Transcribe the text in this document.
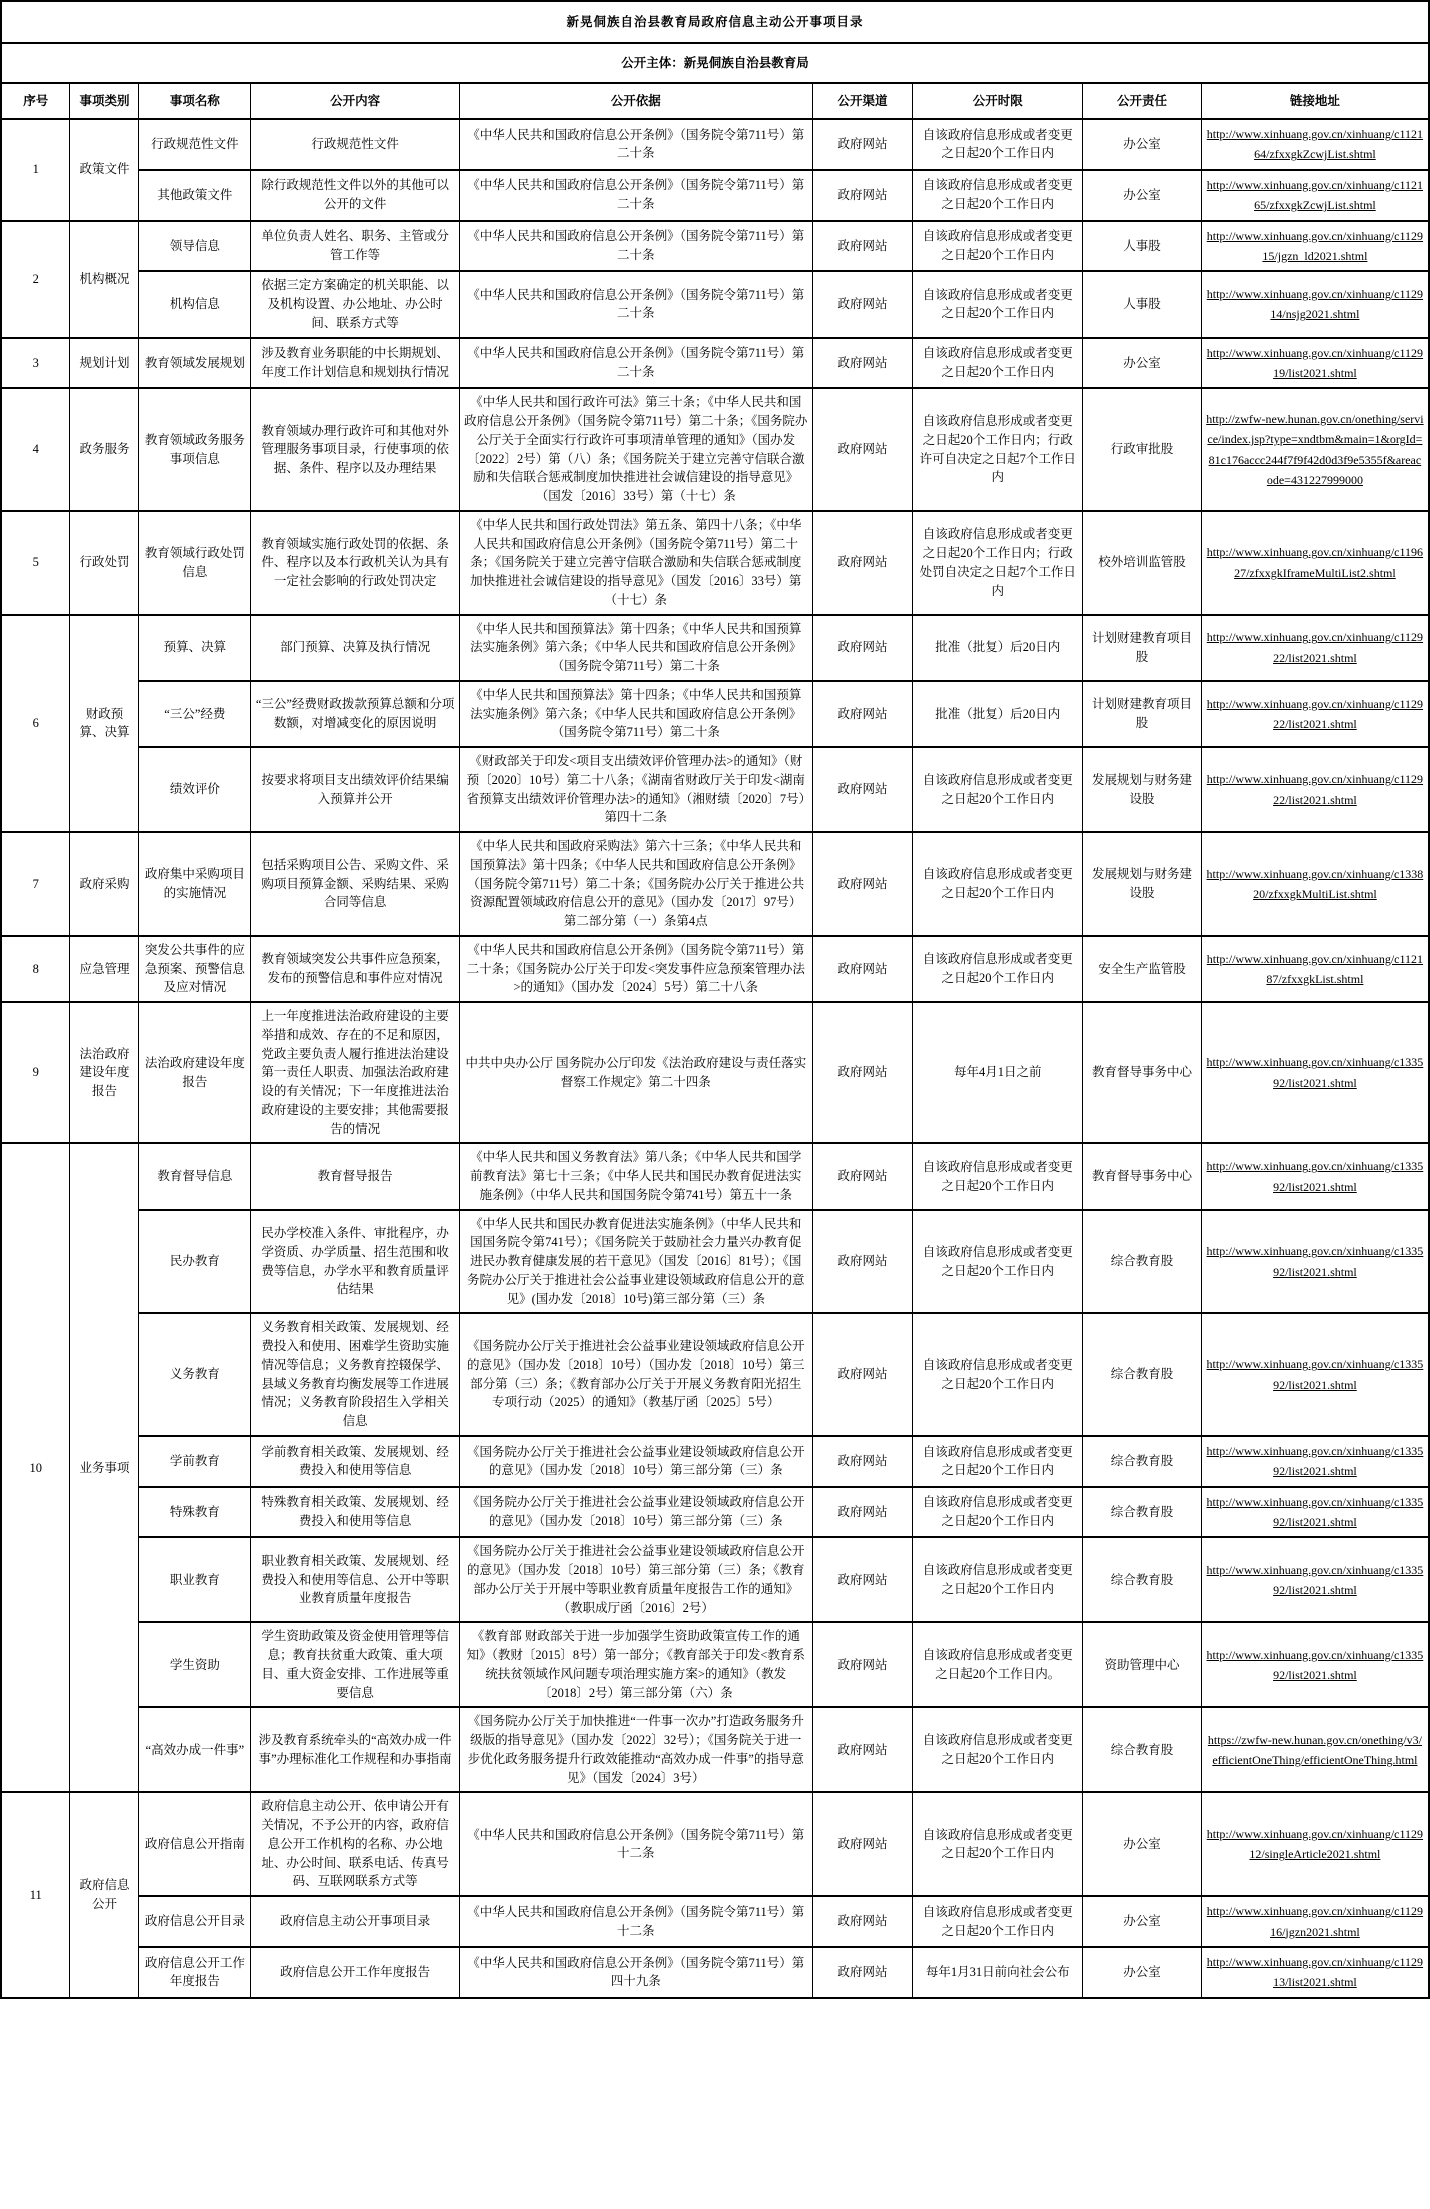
新晃侗族自治县教育局政府信息主动公开事项目录								
公开主体：新晃侗族自治县教育局								
序号	事项类别	事项名称	公开内容	公开依据	公开渠道	公开时限	公开责任	链接地址
1	政策文件	行政规范性文件	行政规范性文件	《中华人民共和国政府信息公开条例》（国务院令第711号）第二十条	政府网站	自该政府信息形成或者变更之日起20个工作日内	办公室	http://www.xinhuang.gov.cn/xinhuang/c112164/zfxxgkZcwjList.shtml
		其他政策文件	除行政规范性文件以外的其他可以公开的文件	《中华人民共和国政府信息公开条例》（国务院令第711号）第二十条	政府网站	自该政府信息形成或者变更之日起20个工作日内	办公室	http://www.xinhuang.gov.cn/xinhuang/c112165/zfxxgkZcwjList.shtml
2	机构概况	领导信息	单位负责人姓名、职务、主管或分管工作等	《中华人民共和国政府信息公开条例》（国务院令第711号）第二十条	政府网站	自该政府信息形成或者变更之日起20个工作日内	人事股	http://www.xinhuang.gov.cn/xinhuang/c112915/jgzn_ld2021.shtml
		机构信息	依据三定方案确定的机关职能、以及机构设置、办公地址、办公时间、联系方式等	《中华人民共和国政府信息公开条例》（国务院令第711号）第二十条	政府网站	自该政府信息形成或者变更之日起20个工作日内	人事股	http://www.xinhuang.gov.cn/xinhuang/c112914/nsjg2021.shtml
3	规划计划	教育领域发展规划	涉及教育业务职能的中长期规划、年度工作计划信息和规划执行情况	《中华人民共和国政府信息公开条例》（国务院令第711号）第二十条	政府网站	自该政府信息形成或者变更之日起20个工作日内	办公室	http://www.xinhuang.gov.cn/xinhuang/c112919/list2021.shtml
4	政务服务	教育领域政务服务事项信息	教育领域办理行政许可和其他对外管理服务事项目录，行使事项的依据、条件、程序以及办理结果	《中华人民共和国行政许可法》第三十条；《中华人民共和国政府信息公开条例》（国务院令第711号）第二十条；《国务院办公厅关于全面实行行政许可事项清单管理的通知》（国办发〔2022〕2号）第（八）条；《国务院关于建立完善守信联合激励和失信联合惩戒制度加快推进社会诚信建设的指导意见》（国发〔2016〕33号）第（十七）条	政府网站	自该政府信息形成或者变更之日起20个工作日内；行政许可自决定之日起7个工作日内	行政审批股	http://zwfw-new.hunan.gov.cn/onething/service/index.jsp?type=xndtbm&main=1&orgId=81c176accc244f7f9f42d0d3f9e5355f&areacode=431227999000
5	行政处罚	教育领域行政处罚信息	教育领域实施行政处罚的依据、条件、程序以及本行政机关认为具有一定社会影响的行政处罚决定	《中华人民共和国行政处罚法》第五条、第四十八条；《中华人民共和国政府信息公开条例》（国务院令第711号）第二十条；《国务院关于建立完善守信联合激励和失信联合惩戒制度加快推进社会诚信建设的指导意见》（国发〔2016〕33号）第（十七）条	政府网站	自该政府信息形成或者变更之日起20个工作日内；行政处罚自决定之日起7个工作日内	校外培训监管股	http://www.xinhuang.gov.cn/xinhuang/c119627/zfxxgkIframeMultiList2.shtml
6	财政预算、决算	预算、决算	部门预算、决算及执行情况	《中华人民共和国预算法》第十四条；《中华人民共和国预算法实施条例》第六条；《中华人民共和国政府信息公开条例》（国务院令第711号）第二十条	政府网站	批准（批复）后20日内	计划财建教育项目股	http://www.xinhuang.gov.cn/xinhuang/c112922/list2021.shtml
		“三公”经费	“三公”经费财政拨款预算总额和分项数额，对增减变化的原因说明	《中华人民共和国预算法》第十四条；《中华人民共和国预算法实施条例》第六条；《中华人民共和国政府信息公开条例》（国务院令第711号）第二十条	政府网站	批准（批复）后20日内	计划财建教育项目股	http://www.xinhuang.gov.cn/xinhuang/c112922/list2021.shtml
		绩效评价	按要求将项目支出绩效评价结果编入预算并公开	《财政部关于印发<项目支出绩效评价管理办法>的通知》（财预〔2020〕10号）第二十八条；《湖南省财政厅关于印发<湖南省预算支出绩效评价管理办法>的通知》（湘财绩〔2020〕7号）第四十二条	政府网站	自该政府信息形成或者变更之日起20个工作日内	发展规划与财务建设股	http://www.xinhuang.gov.cn/xinhuang/c112922/list2021.shtml
7	政府采购	政府集中采购项目的实施情况	包括采购项目公告、采购文件、采购项目预算金额、采购结果、采购合同等信息	《中华人民共和国政府采购法》第六十三条；《中华人民共和国预算法》第十四条；《中华人民共和国政府信息公开条例》（国务院令第711号）第二十条；《国务院办公厅关于推进公共资源配置领域政府信息公开的意见》（国办发〔2017〕97号）第二部分第（一）条第4点	政府网站	自该政府信息形成或者变更之日起20个工作日内	发展规划与财务建设股	http://www.xinhuang.gov.cn/xinhuang/c133820/zfxxgkMultiList.shtml
8	应急管理	突发公共事件的应急预案、预警信息及应对情况	教育领域突发公共事件应急预案，发布的预警信息和事件应对情况	《中华人民共和国政府信息公开条例》（国务院令第711号）第二十条；《国务院办公厅关于印发<突发事件应急预案管理办法>的通知》（国办发〔2024〕5号）第二十八条	政府网站	自该政府信息形成或者变更之日起20个工作日内	安全生产监管股	http://www.xinhuang.gov.cn/xinhuang/c112187/zfxxgkList.shtml
9	法治政府建设年度报告	法治政府建设年度报告	上一年度推进法治政府建设的主要举措和成效、存在的不足和原因，党政主要负责人履行推进法治建设第一责任人职责、加强法治政府建设的有关情况；下一年度推进法治政府建设的主要安排；其他需要报告的情况	中共中央办公厅 国务院办公厅印发《法治政府建设与责任落实督察工作规定》第二十四条	政府网站	每年4月1日之前	教育督导事务中心	http://www.xinhuang.gov.cn/xinhuang/c133592/list2021.shtml
10	业务事项	教育督导信息	教育督导报告	《中华人民共和国义务教育法》第八条；《中华人民共和国学前教育法》第七十三条；《中华人民共和国民办教育促进法实施条例》（中华人民共和国国务院令第741号）第五十一条	政府网站	自该政府信息形成或者变更之日起20个工作日内	教育督导事务中心	http://www.xinhuang.gov.cn/xinhuang/c133592/list2021.shtml
		民办教育	民办学校准入条件、审批程序，办学资质、办学质量、招生范围和收费等信息，办学水平和教育质量评估结果	《中华人民共和国民办教育促进法实施条例》（中华人民共和国国务院令第741号）；《国务院关于鼓励社会力量兴办教育促进民办教育健康发展的若干意见》（国发〔2016〕81号）；《国务院办公厅关于推进社会公益事业建设领域政府信息公开的意见》(国办发〔2018〕10号)第三部分第（三）条	政府网站	自该政府信息形成或者变更之日起20个工作日内	综合教育股	http://www.xinhuang.gov.cn/xinhuang/c133592/list2021.shtml
		义务教育	义务教育相关政策、发展规划、经费投入和使用、困难学生资助实施情况等信息；义务教育控辍保学、县域义务教育均衡发展等工作进展情况；义务教育阶段招生入学相关信息	《国务院办公厅关于推进社会公益事业建设领域政府信息公开的意见》（国办发〔2018〕10号）（国办发〔2018〕10号）第三部分第（三）条；《教育部办公厅关于开展义务教育阳光招生专项行动（2025）的通知》（教基厅函〔2025〕5号）	政府网站	自该政府信息形成或者变更之日起20个工作日内	综合教育股	http://www.xinhuang.gov.cn/xinhuang/c133592/list2021.shtml
		学前教育	学前教育相关政策、发展规划、经费投入和使用等信息	《国务院办公厅关于推进社会公益事业建设领域政府信息公开的意见》（国办发〔2018〕10号）第三部分第（三）条	政府网站	自该政府信息形成或者变更之日起20个工作日内	综合教育股	http://www.xinhuang.gov.cn/xinhuang/c133592/list2021.shtml
		特殊教育	特殊教育相关政策、发展规划、经费投入和使用等信息	《国务院办公厅关于推进社会公益事业建设领域政府信息公开的意见》（国办发〔2018〕10号）第三部分第（三）条	政府网站	自该政府信息形成或者变更之日起20个工作日内	综合教育股	http://www.xinhuang.gov.cn/xinhuang/c133592/list2021.shtml
		职业教育	职业教育相关政策、发展规划、经费投入和使用等信息、公开中等职业教育质量年度报告	《国务院办公厅关于推进社会公益事业建设领域政府信息公开的意见》（国办发〔2018〕10号）第三部分第（三）条；《教育部办公厅关于开展中等职业教育质量年度报告工作的通知》（教职成厅函〔2016〕2号）	政府网站	自该政府信息形成或者变更之日起20个工作日内	综合教育股	http://www.xinhuang.gov.cn/xinhuang/c133592/list2021.shtml
		学生资助	学生资助政策及资金使用管理等信息；教育扶贫重大政策、重大项目、重大资金安排、工作进展等重要信息	《教育部 财政部关于进一步加强学生资助政策宣传工作的通知》（教财〔2015〕8号）第一部分；《教育部关于印发<教育系统扶贫领域作风问题专项治理实施方案>的通知》（教发〔2018〕2号）第三部分第（六）条	政府网站	自该政府信息形成或者变更之日起20个工作日内。	资助管理中心	http://www.xinhuang.gov.cn/xinhuang/c133592/list2021.shtml
		“高效办成一件事”	涉及教育系统牵头的“高效办成一件事”办理标准化工作规程和办事指南	《国务院办公厅关于加快推进“一件事一次办”打造政务服务升级版的指导意见》（国办发〔2022〕32号）；《国务院关于进一步优化政务服务提升行政效能推动“高效办成一件事”的指导意见》（国发〔2024〕3号）	政府网站	自该政府信息形成或者变更之日起20个工作日内	综合教育股	https://zwfw-new.hunan.gov.cn/onething/v3/efficientOneThing/efficientOneThing.html
11	政府信息公开	政府信息公开指南	政府信息主动公开、依申请公开有关情况，不予公开的内容，政府信息公开工作机构的名称、办公地址、办公时间、联系电话、传真号码、互联网联系方式等	《中华人民共和国政府信息公开条例》（国务院令第711号）第十二条	政府网站	自该政府信息形成或者变更之日起20个工作日内	办公室	http://www.xinhuang.gov.cn/xinhuang/c112912/singleArticle2021.shtml
		政府信息公开目录	政府信息主动公开事项目录	《中华人民共和国政府信息公开条例》（国务院令第711号）第十二条	政府网站	自该政府信息形成或者变更之日起20个工作日内	办公室	http://www.xinhuang.gov.cn/xinhuang/c112916/jgzn2021.shtml
		政府信息公开工作年度报告	政府信息公开工作年度报告	《中华人民共和国政府信息公开条例》（国务院令第711号）第四十九条	政府网站	每年1月31日前向社会公布	办公室	http://www.xinhuang.gov.cn/xinhuang/c112913/list2021.shtml
